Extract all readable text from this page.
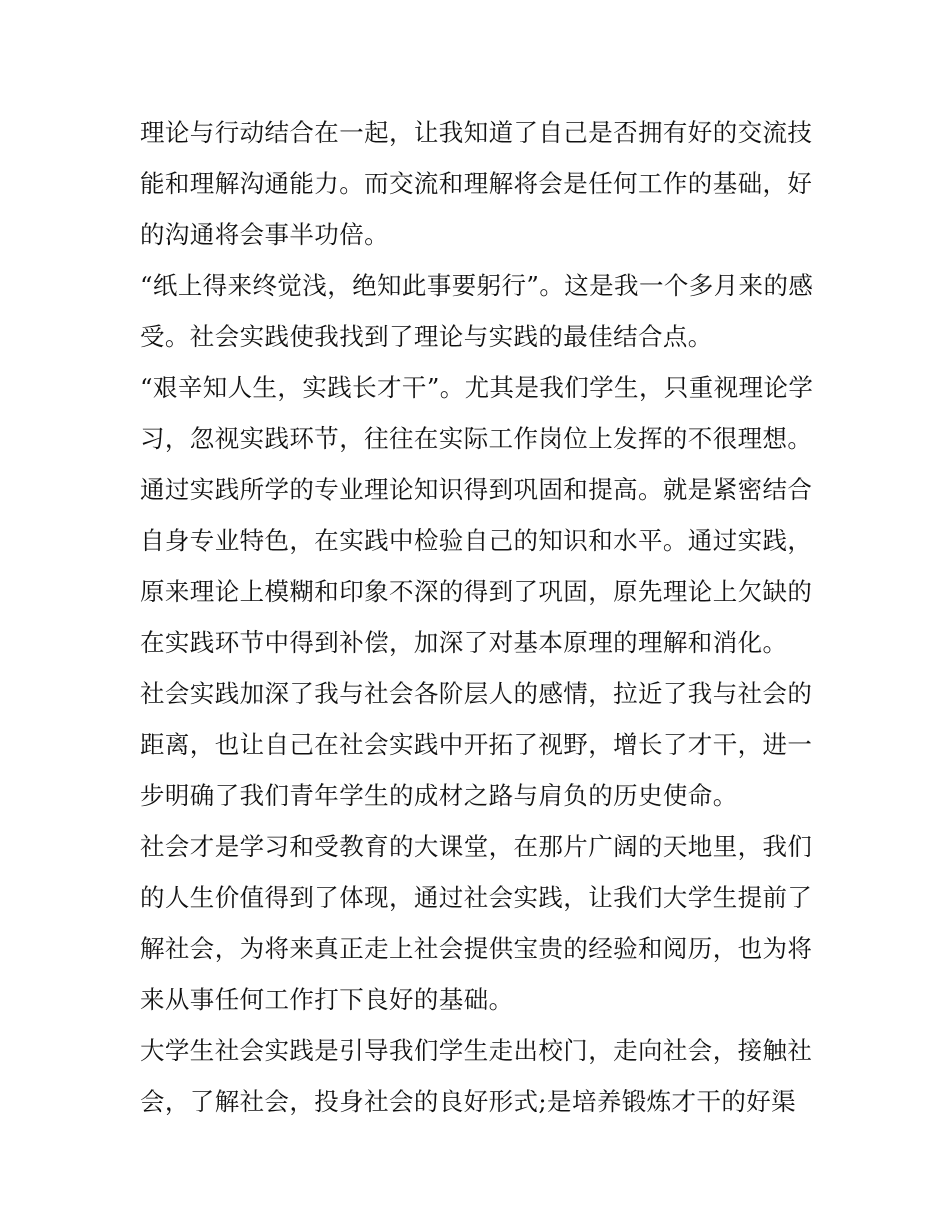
理论与行动结合在一起，让我知道了自己是否拥有好的交流技
能和理解沟通能力。而交流和理解将会是任何工作的基础，好
的沟通将会事半功倍。
“纸上得来终觉浅，绝知此事要躬行”。这是我一个多月来的感
受。社会实践使我找到了理论与实践的最佳结合点。
“艰辛知人生，实践长才干”。尤其是我们学生，只重视理论学
习，忽视实践环节，往往在实际工作岗位上发挥的不很理想。
通过实践所学的专业理论知识得到巩固和提高。就是紧密结合
自身专业特色，在实践中检验自己的知识和水平。通过实践，
原来理论上模糊和印象不深的得到了巩固，原先理论上欠缺的
在实践环节中得到补偿，加深了对基本原理的理解和消化。
社会实践加深了我与社会各阶层人的感情，拉近了我与社会的
距离，也让自己在社会实践中开拓了视野，增长了才干，进一
步明确了我们青年学生的成材之路与肩负的历史使命。
社会才是学习和受教育的大课堂，在那片广阔的天地里，我们
的人生价值得到了体现，通过社会实践，让我们大学生提前了
解社会，为将来真正走上社会提供宝贵的经验和阅历，也为将
来从事任何工作打下良好的基础。
大学生社会实践是引导我们学生走出校门，走向社会，接触社
会，了解社会，投身社会的良好形式;是培养锻炼才干的好渠
